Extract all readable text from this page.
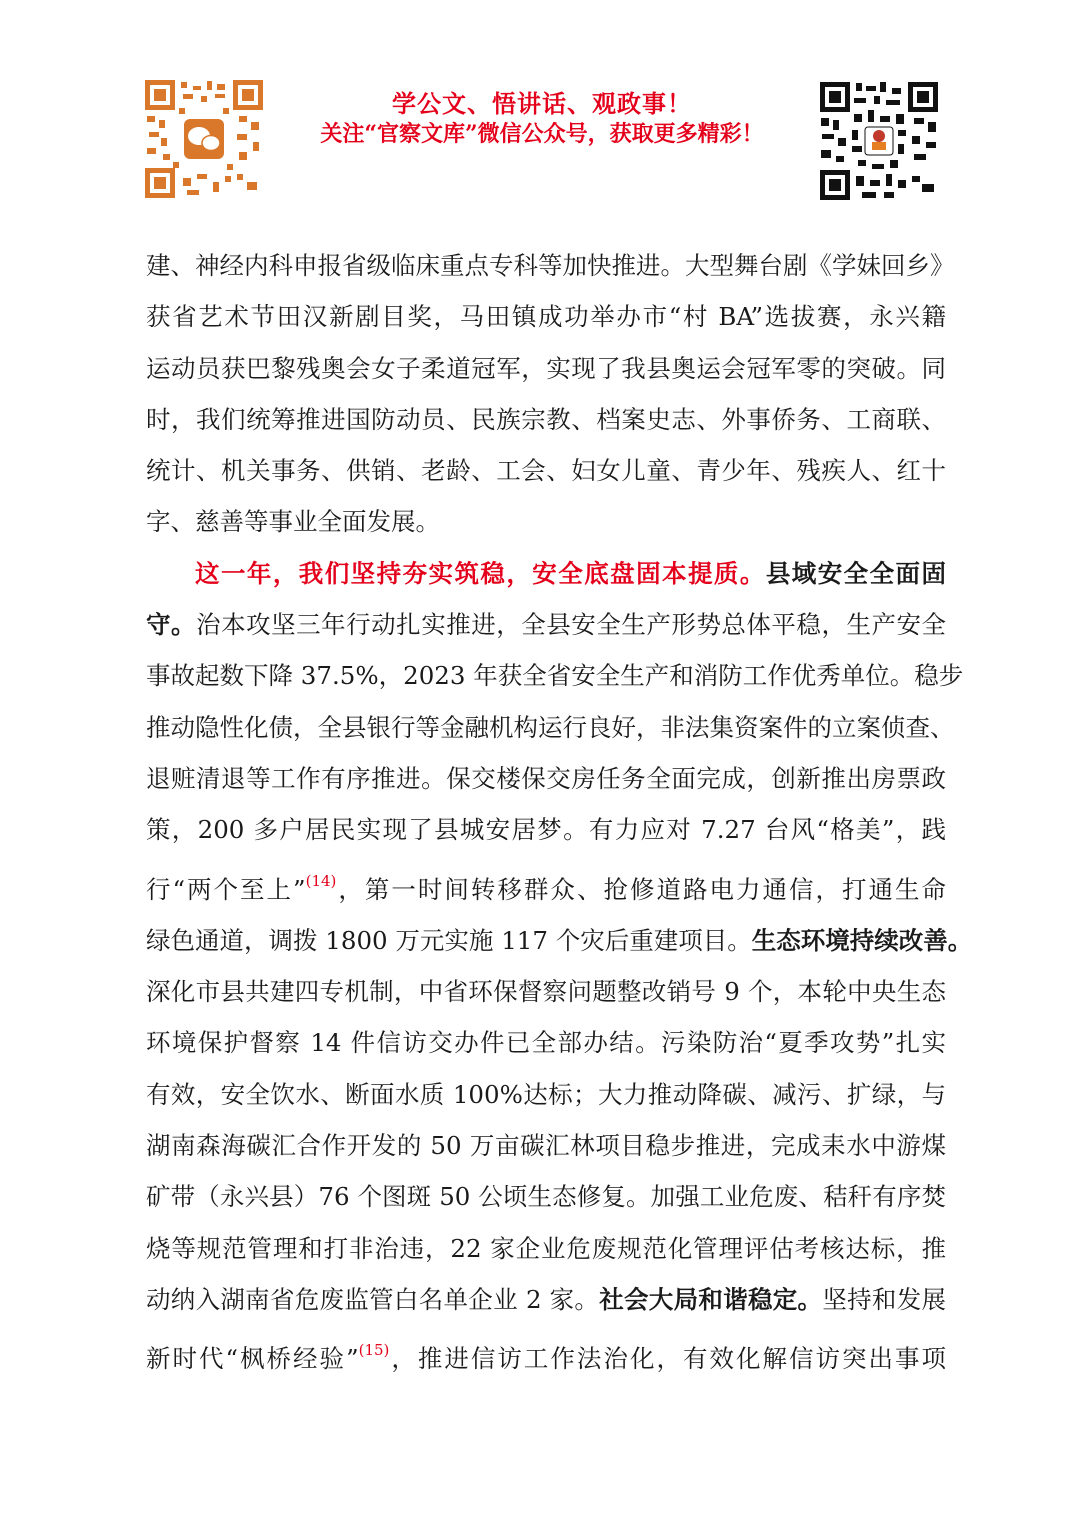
学公文、悟讲话、观政事！
关注“官察文库”微信公众号，获取更多精彩！
建、神经内科申报省级临床重点专科等加快推进。大型舞台剧《学妹回乡》
获省艺术节田汉新剧目奖，马田镇成功举办市“村 BA”选拔赛，永兴籍
运动员获巴黎残奥会女子柔道冠军，实现了我县奥运会冠军零的突破。同
时，我们统筹推进国防动员、民族宗教、档案史志、外事侨务、工商联、
统计、机关事务、供销、老龄、工会、妇女儿童、青少年、残疾人、红十
字、慈善等事业全面发展。
这一年，我们坚持夯实筑稳，安全底盘固本提质。县域安全全面固
守。治本攻坚三年行动扎实推进，全县安全生产形势总体平稳，生产安全
事故起数下降 37.5%，2023 年获全省安全生产和消防工作优秀单位。稳步
推动隐性化债，全县银行等金融机构运行良好，非法集资案件的立案侦查、
退赃清退等工作有序推进。保交楼保交房任务全面完成，创新推出房票政
策，200 多户居民实现了县城安居梦。有力应对 7.27 台风“格美”，践
行“两个至上”$^{(14)}$，第一时间转移群众、抢修道路电力通信，打通生命
绿色通道，调拨 1800 万元实施 117 个灾后重建项目。生态环境持续改善。
深化市县共建四专机制，中省环保督察问题整改销号 9 个，本轮中央生态
环境保护督察 14 件信访交办件已全部办结。污染防治“夏季攻势”扎实
有效，安全饮水、断面水质 100%达标；大力推动降碳、减污、扩绿，与
湖南森海碳汇合作开发的 50 万亩碳汇林项目稳步推进，完成耒水中游煤
矿带（永兴县）76 个图斑 50 公顷生态修复。加强工业危废、秸秆有序焚
烧等规范管理和打非治违，22 家企业危废规范化管理评估考核达标，推
动纳入湖南省危废监管白名单企业 2 家。社会大局和谐稳定。坚持和发展
新时代“枫桥经验”$^{(15)}$，推进信访工作法治化，有效化解信访突出事项
